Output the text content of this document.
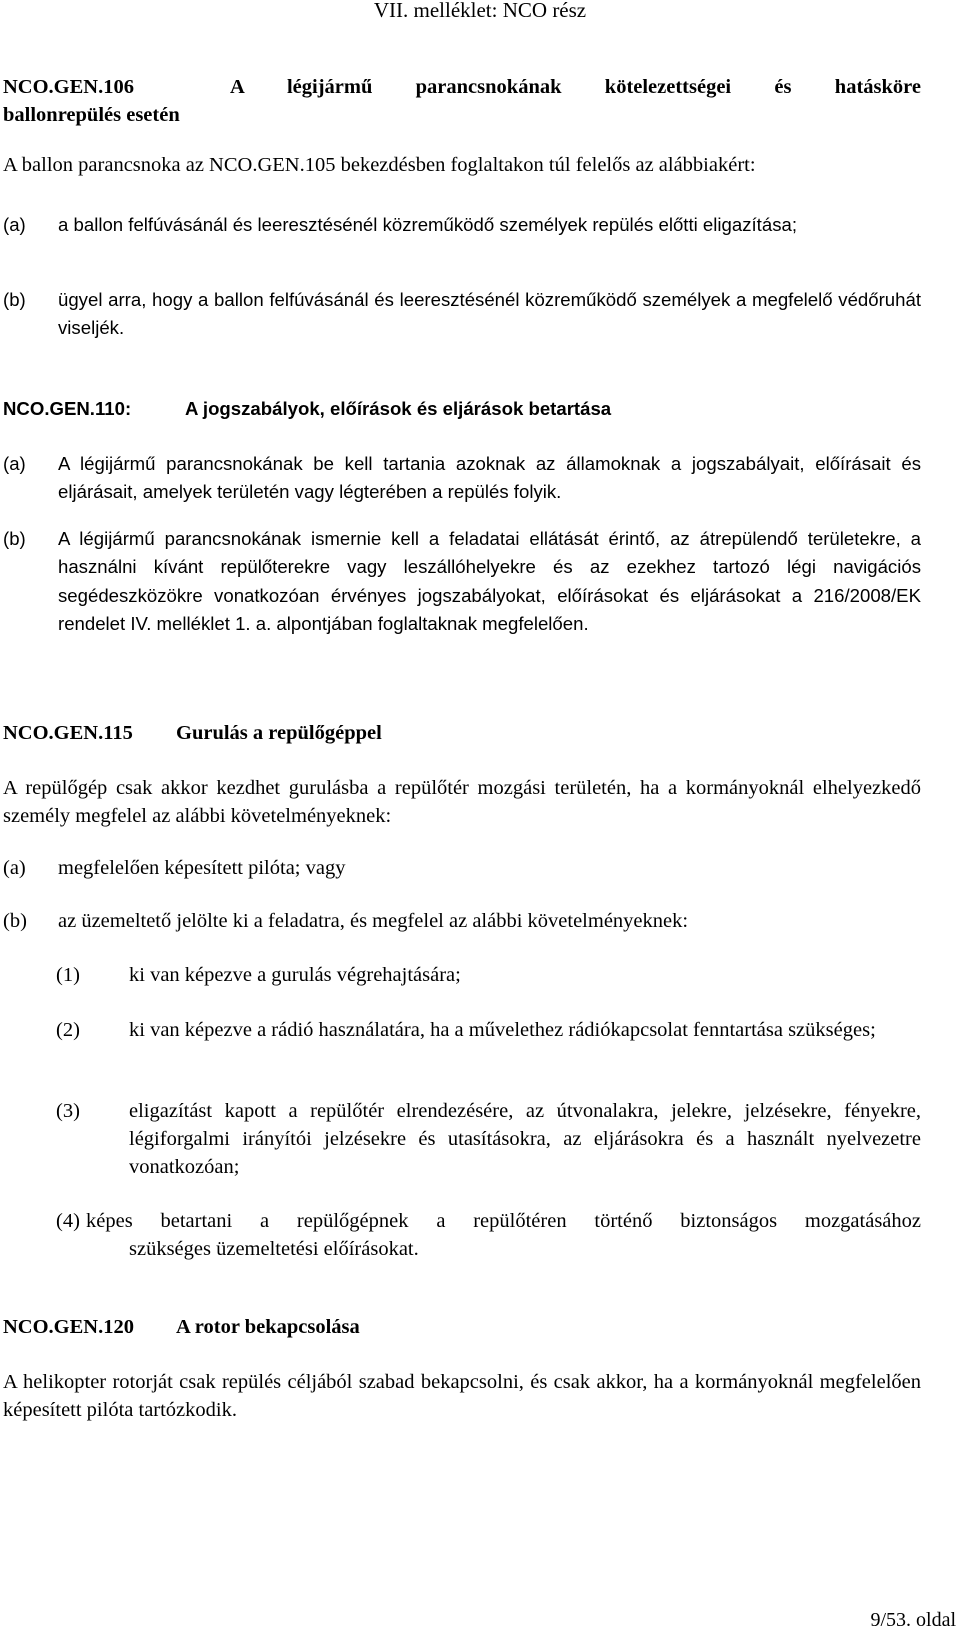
VII. melléklet: NCO rész
NCO.GEN.106	A légijármű parancsnokának kötelezettségei és hatásköre
ballonrepülés esetén
A ballon parancsnoka az NCO.GEN.105 bekezdésben foglaltakon túl felelős az alábbiakért:
(a) a ballon felfúvásánál és leeresztésénél közreműködő személyek repülés előtti eligazítása;
(b) ügyel arra, hogy a ballon felfúvásánál és leeresztésénél közreműködő személyek a megfelelő védőruhát viseljék.
NCO.GEN.110:	A jogszabályok, előírások és eljárások betartása
(a) A légijármű parancsnokának be kell tartania azoknak az államoknak a jogszabályait, előírásait és eljárásait, amelyek területén vagy légterében a repülés folyik.
(b) A légijármű parancsnokának ismernie kell a feladatai ellátását érintő, az átrepülendő területekre, a használni kívánt repülőterekre vagy leszállóhelyekre és az ezekhez tartozó légi navigációs segédeszközökre vonatkozóan érvényes jogszabályokat, előírásokat és eljárásokat a 216/2008/EK rendelet IV. melléklet 1. a. alpontjában foglaltaknak megfelelően.
NCO.GEN.115 Gurulás a repülőgéppel
A repülőgép csak akkor kezdhet gurulásba a repülőtér mozgási területén, ha a kormányoknál elhelyezkedő személy megfelel az alábbi követelményeknek:
(a) megfelelően képesített pilóta; vagy
(b) az üzemeltető jelölte ki a feladatra, és megfelel az alábbi követelményeknek:
(1) ki van képezve a gurulás végrehajtására;
(2) ki van képezve a rádió használatára, ha a művelethez rádiókapcsolat fenntartása szükséges;
(3) eligazítást kapott a repülőtér elrendezésére, az útvonalakra, jelekre, jelzésekre, fényekre, légiforgalmi irányítói jelzésekre és utasításokra, az eljárásokra és a használt nyelvezetre vonatkozóan;
(4) képes betartani a repülőgépnek a repülőtéren történő biztonságos mozgatásához
szükséges üzemeltetési előírásokat.
NCO.GEN.120 A rotor bekapcsolása
A helikopter rotorját csak repülés céljából szabad bekapcsolni, és csak akkor, ha a kormányoknál megfelelően képesített pilóta tartózkodik.
9/53. oldal
